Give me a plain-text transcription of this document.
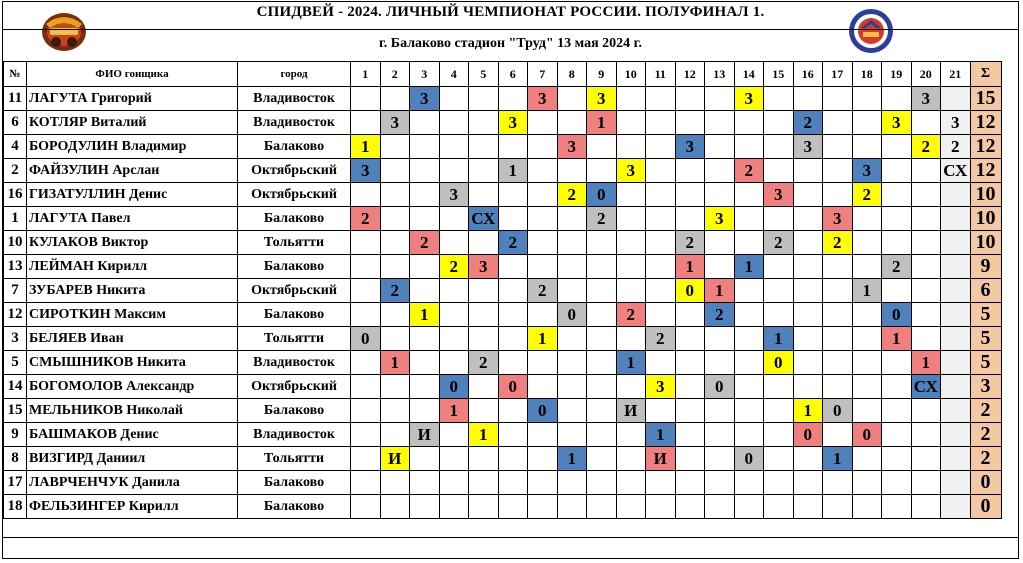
СПИДВЕЙ - 2024. ЛИЧНЫЙ ЧЕМПИОНАТ РОССИИ. ПОЛУФИНАЛ 1.
г. Балаково стадион "Труд" 13 мая 2024 г.
№	ФИО гонщика	город	1	2	3	4	5	6	7	8	9	10	11	12	13	14	15	16	17	18	19	20	21	Σ
11	ЛАГУТА Григорий	Владивосток			3				3		3					3						3		15
6	КОТЛЯР Виталий	Владивосток		3				3			1							2			3		3	12
4	БОРОДУЛИН Владимир	Балаково	1							3				3				3				2	2	12
2	ФАЙЗУЛИН Арслан	Октябрьский	3					1				3				2				3			СХ	12
16	ГИЗАТУЛЛИН Денис	Октябрьский				3				2	0						3			2				10
1	ЛАГУТА Павел	Балаково	2				СХ				2				3				3					10
10	КУЛАКОВ Виктор	Тольятти			2			2						2			2		2					10
13	ЛЕЙМАН Кирилл	Балаково				2	3							1		1					2			9
7	ЗУБАРЕВ Никита	Октябрьский		2					2					0	1					1				6
12	СИРОТКИН Максим	Балаково			1					0		2			2						0			5
3	БЕЛЯЕВ Иван	Тольятти	0						1				2				1				1			5
5	СМЫШНИКОВ Никита	Владивосток		1			2					1					0					1		5
14	БОГОМОЛОВ Александр	Октябрьский				0		0					3		0							СХ		3
15	МЕЛЬНИКОВ Николай	Балаково				1			0			И						1	0					2
9	БАШМАКОВ Денис	Владивосток			И		1						1					0		0				2
8	ВИЗГИРД Даниил	Тольятти		И						1			И			0			1					2
17	ЛАВРЧЕНЧУК Данила	Балаково																						0
18	ФЕЛЬЗИНГЕР Кирилл	Балаково																						0
